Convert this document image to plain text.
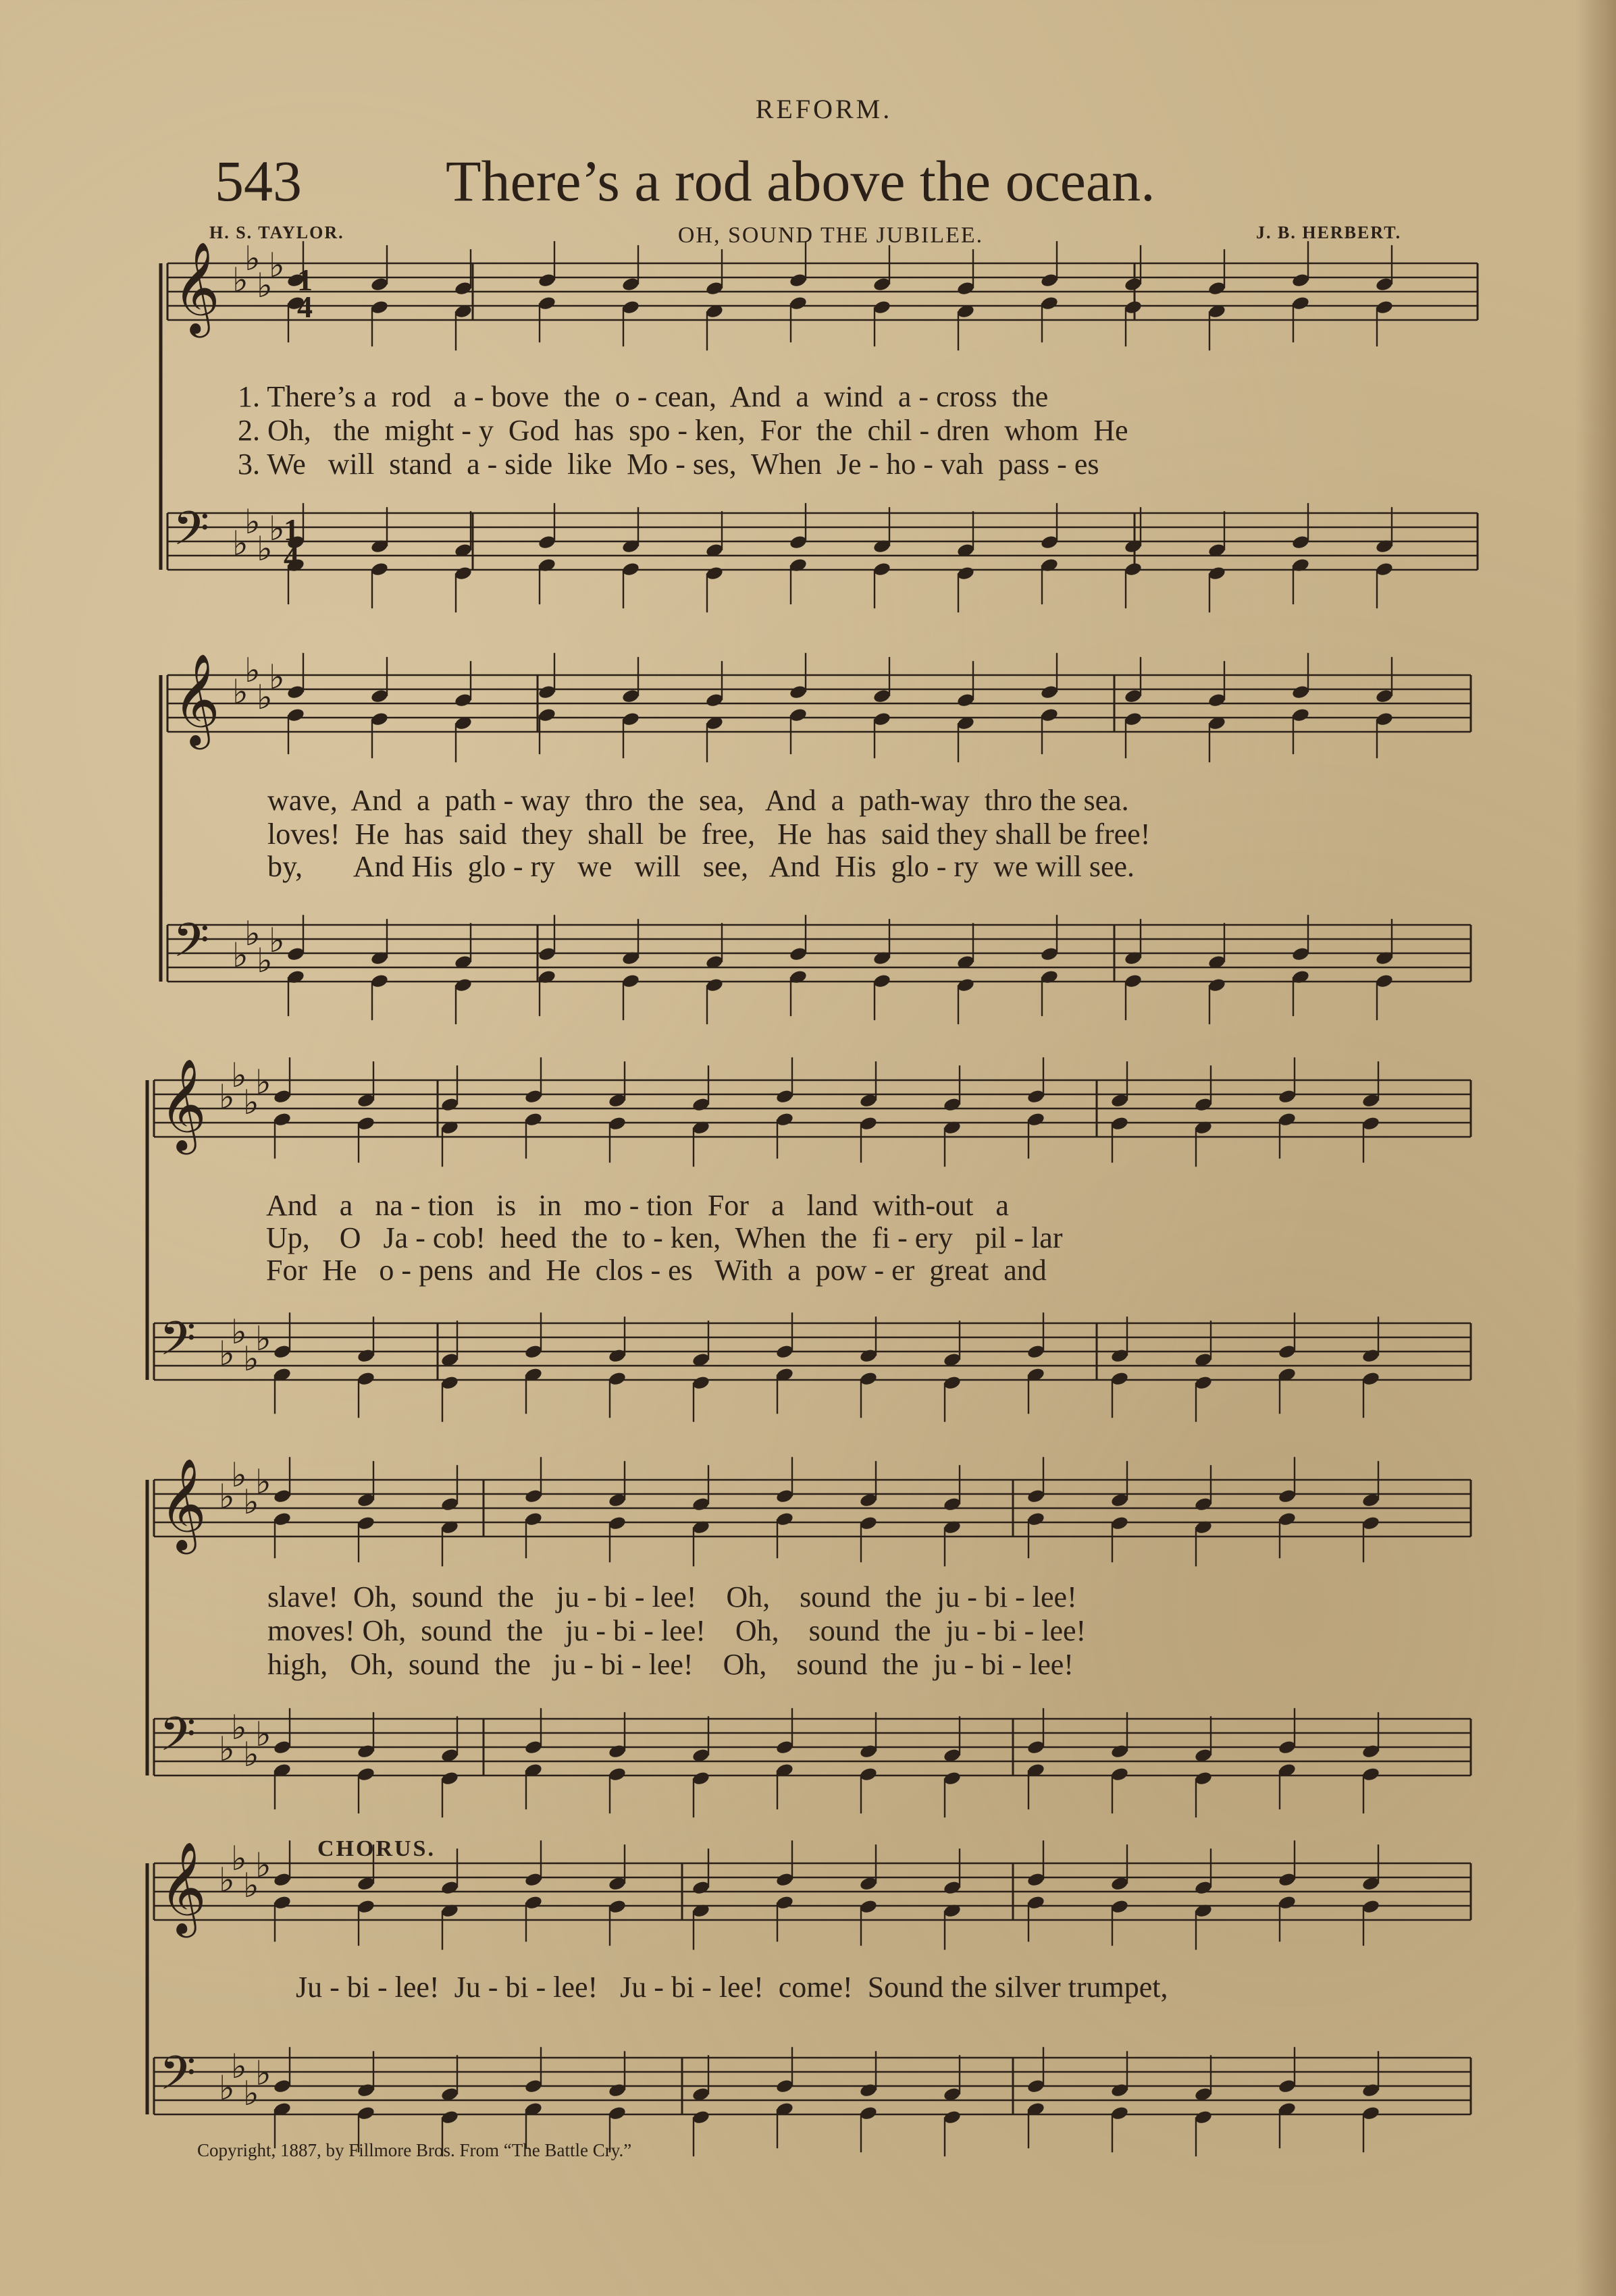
REFORM.
543 There’s a rod above the ocean.
H. S. TAYLOR.	OH, SOUND THE JUBILEE.	J. B. HERBERT.
𝄞 ♭
♭
♭
♭
𝄢 ♭
♭
♭
♭
𝄞 ♭
♭
♭
♭
𝄢 ♭
♭
♭
♭
𝄞 ♭
♭
♭
♭
𝄢 ♭
♭
♭
♭
𝄞 ♭
♭
♭
♭
𝄢 ♭
♭
♭
♭
𝄞 ♭
♭
♭
♭
𝄢 ♭
♭
♭
♭
1
1
4
4
1. There’s a  rod   a - bove  the  o - cean,  And  a  wind  a - cross  the
2. Oh,   the  might - y  God  has  spo - ken,  For  the  chil - dren  whom  He
3. We   will  stand  a - side  like  Mo - ses,  When  Je - ho - vah  pass - es
wave,  And  a  path - way  thro  the  sea,   And  a  path-way  thro the sea.
loves!  He  has  said  they  shall  be  free,   He  has  said they shall be free!
by,       And His  glo - ry   we   will   see,   And  His  glo - ry  we will see.
And   a   na - tion   is   in   mo - tion  For   a   land  with-out   a
Up,    O   Ja - cob!  heed  the  to - ken,  When  the  fi - ery   pil - lar
For  He   o - pens  and  He  clos - es   With  a  pow - er  great  and
slave!  Oh,  sound  the   ju - bi - lee!    Oh,    sound  the  ju - bi - lee!
moves! Oh,  sound  the   ju - bi - lee!    Oh,    sound  the  ju - bi - lee!
high,   Oh,  sound  the   ju - bi - lee!    Oh,    sound  the  ju - bi - lee!
CHORUS.
Ju - bi - lee!  Ju - bi - lee!   Ju - bi - lee!  come!  Sound the silver trumpet,
Copyright, 1887, by Fillmore Bros. From “The Battle Cry.”
